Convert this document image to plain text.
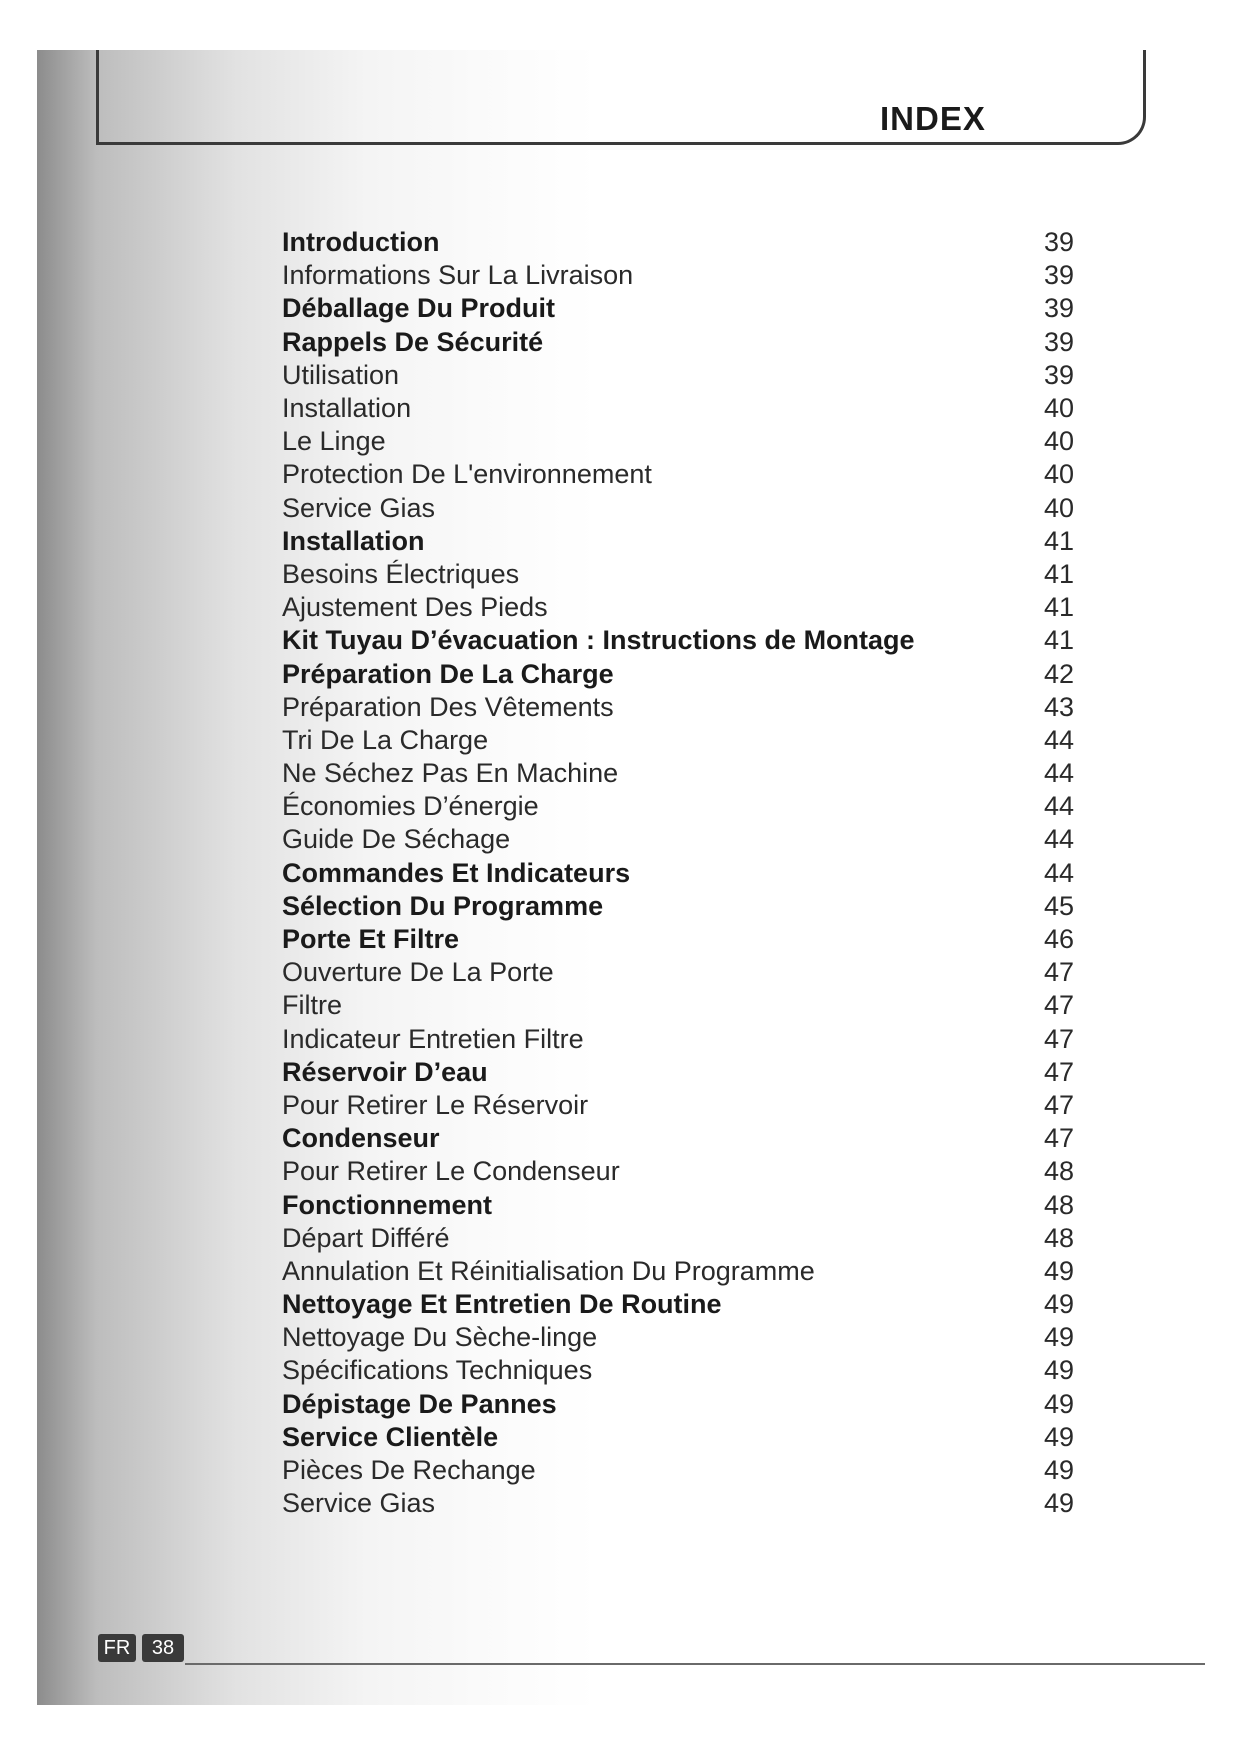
INDEX
Introduction	39
Informations Sur La Livraison	39
Déballage Du Produit	39
Rappels De Sécurité	39
Utilisation	39
Installation	40
Le Linge	40
Protection De L'environnement	40
Service Gias	40
Installation	41
Besoins Électriques	41
Ajustement Des Pieds	41
Kit Tuyau D’évacuation : Instructions de Montage	41
Préparation De La Charge	42
Préparation Des Vêtements	43
Tri De La Charge	44
Ne Séchez Pas En Machine	44
Économies D’énergie	44
Guide De Séchage	44
Commandes Et Indicateurs	44
Sélection Du Programme	45
Porte Et Filtre	46
Ouverture De La Porte	47
Filtre	47
Indicateur Entretien Filtre	47
Réservoir D’eau	47
Pour Retirer Le Réservoir	47
Condenseur	47
Pour Retirer Le Condenseur	48
Fonctionnement	48
Départ Différé	48
Annulation Et Réinitialisation Du Programme	49
Nettoyage Et Entretien De Routine	49
Nettoyage Du Sèche-linge	49
Spécifications Techniques	49
Dépistage De Pannes	49
Service Clientèle	49
Pièces De Rechange	49
Service Gias	49
FR	38
